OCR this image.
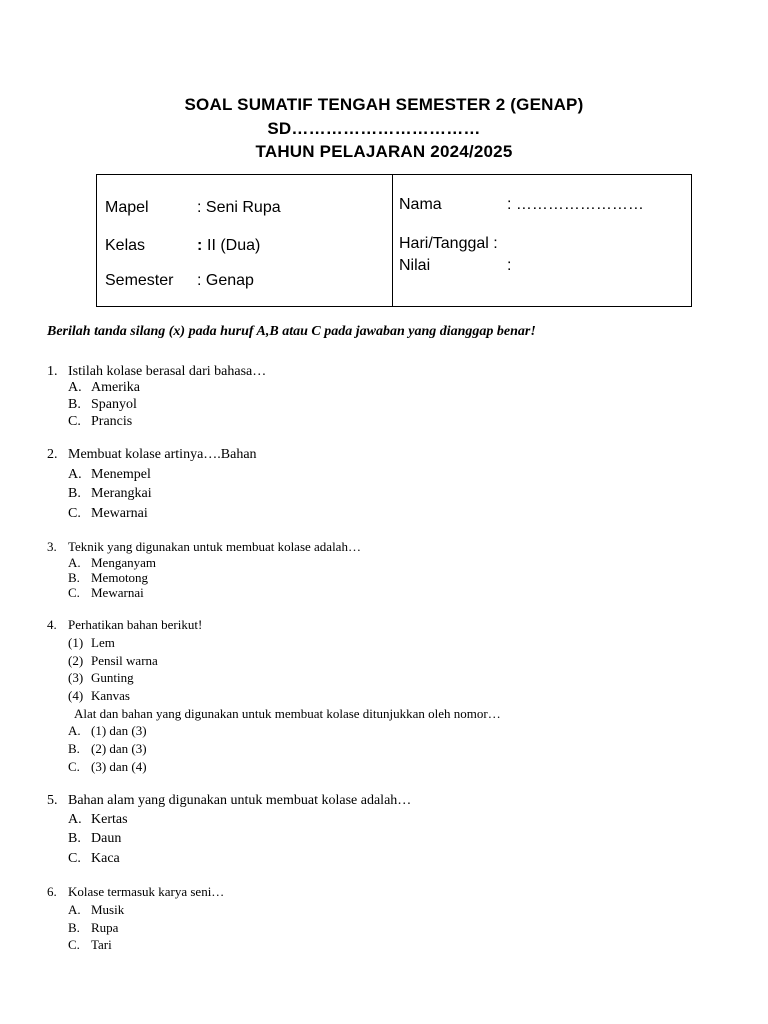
SOAL SUMATIF TENGAH SEMESTER 2 (GENAP)
SD……………………………
TAHUN PELAJARAN 2024/2025
Mapel	: Seni Rupa
Kelas	: II (Dua)
Semester : Genap
Nama	: ……………………
Hari/Tanggal :
Nilai	:
Berilah tanda silang (x) pada huruf A,B atau C pada jawaban yang dianggap benar!
1. Istilah kolase berasal dari bahasa…
A. Amerika
B. Spanyol
C. Prancis
2. Membuat kolase artinya….Bahan
A. Menempel
B. Merangkai
C. Mewarnai
3. Teknik yang digunakan untuk membuat kolase adalah…
A. Menganyam
B. Memotong
C. Mewarnai
4. Perhatikan bahan berikut!
(1) Lem
(2) Pensil warna
(3) Gunting
(4) Kanvas
Alat dan bahan yang digunakan untuk membuat kolase ditunjukkan oleh nomor…
A. (1) dan (3)
B. (2) dan (3)
C. (3) dan (4)
5. Bahan alam yang digunakan untuk membuat kolase adalah…
A. Kertas
B. Daun
C. Kaca
6. Kolase termasuk karya seni…
A. Musik
B. Rupa
C. Tari
